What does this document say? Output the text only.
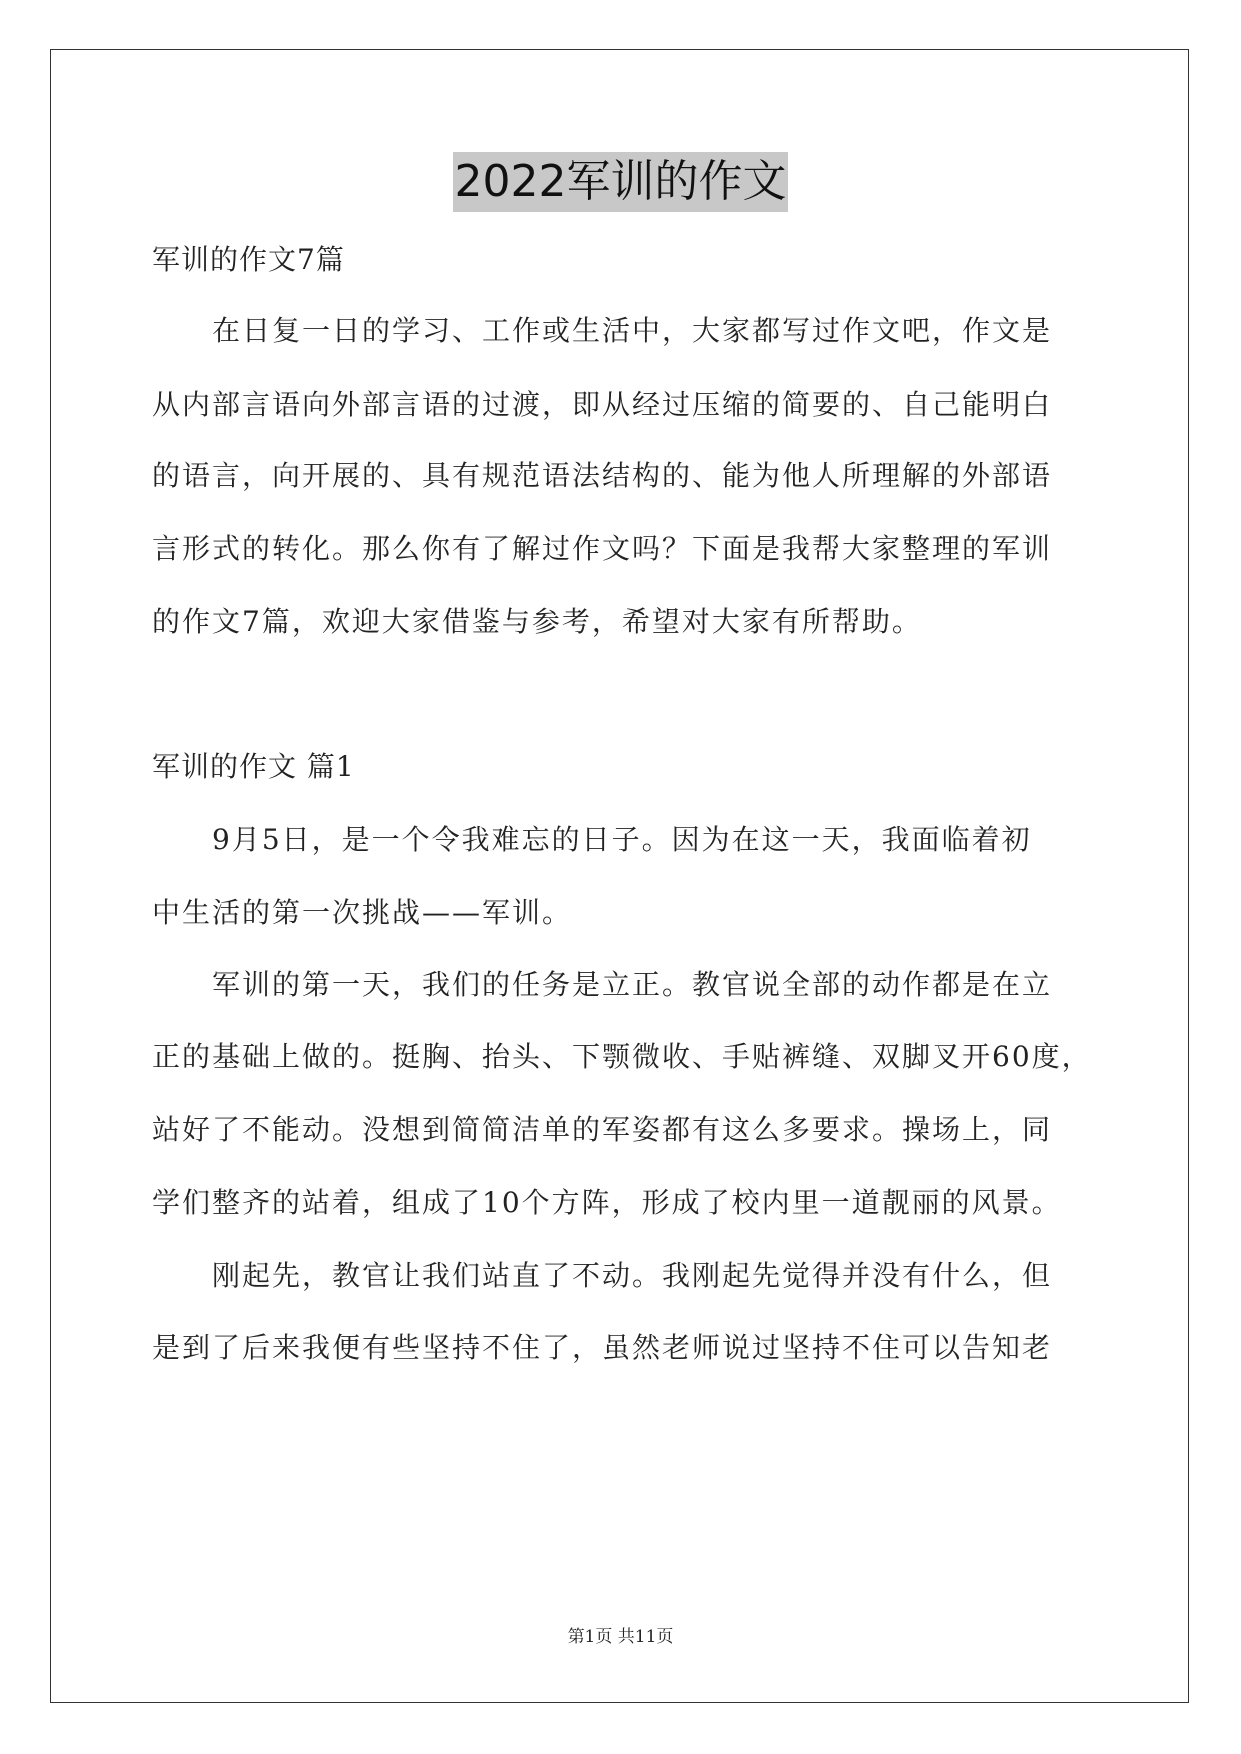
2022军训的作文
军训的作文7篇
在日复一日的学习、工作或生活中，大家都写过作文吧，作文是
从内部言语向外部言语的过渡，即从经过压缩的简要的、自己能明白
的语言，向开展的、具有规范语法结构的、能为他人所理解的外部语
言形式的转化。那么你有了解过作文吗？下面是我帮大家整理的军训
的作文7篇，欢迎大家借鉴与参考，希望对大家有所帮助。
军训的作文 篇1
9月5日，是一个令我难忘的日子。因为在这一天，我面临着初
中生活的第一次挑战——军训。
军训的第一天，我们的任务是立正。教官说全部的动作都是在立
正的基础上做的。挺胸、抬头、下颚微收、手贴裤缝、双脚叉开60度，
站好了不能动。没想到简简洁单的军姿都有这么多要求。操场上，同
学们整齐的站着，组成了10个方阵，形成了校内里一道靓丽的风景。
刚起先，教官让我们站直了不动。我刚起先觉得并没有什么，但
是到了后来我便有些坚持不住了，虽然老师说过坚持不住可以告知老
第1页 共11页
